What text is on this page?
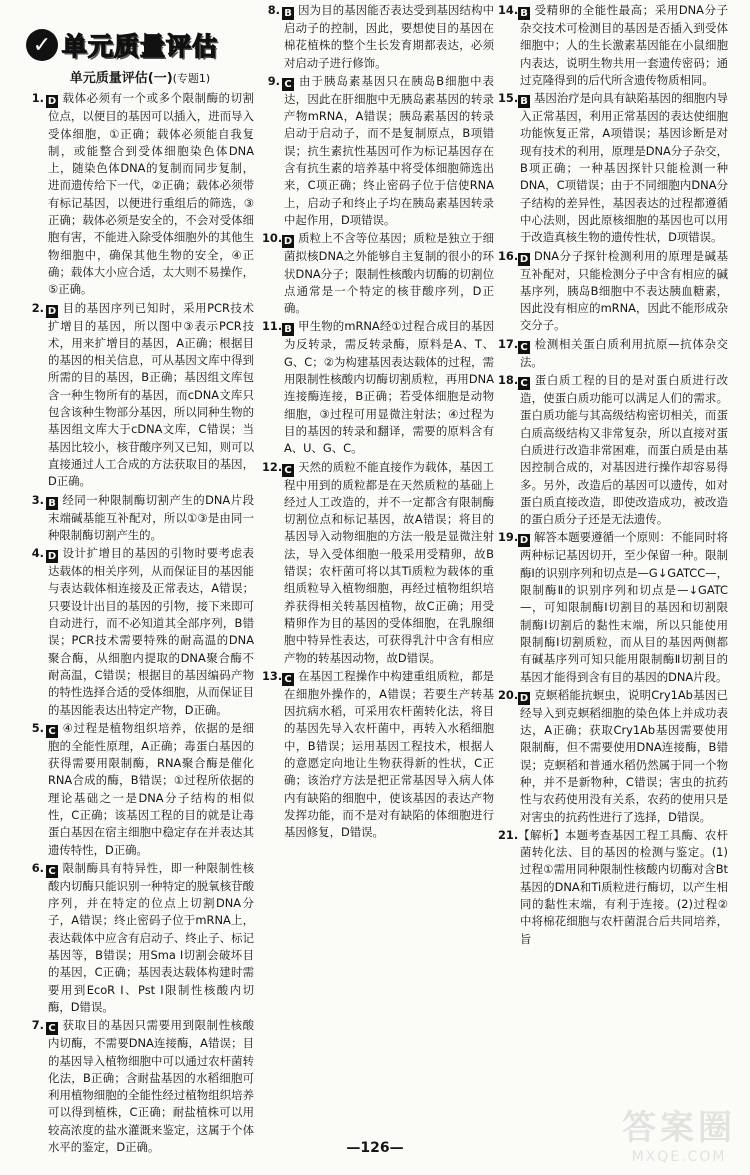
✓ 单元质量评估
单元质量评估(一)(专题1)
1. D 载体必须有一个或多个限制酶的切割位点，以便目的基因可以插入，进而导入受体细胞，①正确；载体必须能自我复制，或能整合到受体细胞染色体DNA上，随染色体DNA的复制而同步复制，进而遗传给下一代，②正确；载体必须带有标记基因，以便进行重组后的筛选，③正确；载体必须是安全的，不会对受体细胞有害，不能进入除受体细胞外的其他生物细胞中，确保其他生物的安全，④正确；载体大小应合适，太大则不易操作，⑤正确。
2. D 目的基因序列已知时，采用PCR技术扩增目的基因，所以图中③表示PCR技术，用来扩增目的基因，A正确；根据目的基因的相关信息，可从基因文库中得到所需的目的基因，B正确；基因组文库包含一种生物所有的基因，而cDNA文库只包含该种生物部分基因，所以同种生物的基因组文库大于cDNA文库，C错误；当基因比较小，核苷酸序列又已知，则可以直接通过人工合成的方法获取目的基因，D正确。
3. B 经同一种限制酶切割产生的DNA片段末端碱基能互补配对，所以①③是由同一种限制酶切割产生的。
4. D 设计扩增目的基因的引物时要考虑表达载体的相关序列，从而保证目的基因能与表达载体相连接及正常表达，A错误；只要设计出目的基因的引物，接下来即可自动进行，而不必知道其全部序列，B错误；PCR技术需要特殊的耐高温的DNA聚合酶，从细胞内提取的DNA聚合酶不耐高温，C错误；根据目的基因编码产物的特性选择合适的受体细胞，从而保证目的基因能表达出特定产物，D正确。
5. C ④过程是植物组织培养，依据的是细胞的全能性原理，A正确；毒蛋白基因的获得需要用限制酶，RNA聚合酶是催化RNA合成的酶，B错误；①过程所依据的理论基础之一是DNA分子结构的相似性，C正确；该基因工程的目的就是让毒蛋白基因在宿主细胞中稳定存在并表达其遗传特性，D正确。
6. C 限制酶具有特异性，即一种限制性核酸内切酶只能识别一种特定的脱氧核苷酸序列，并在特定的位点上切割DNA分子，A错误；终止密码子位于mRNA上，表达载体中应含有启动子、终止子、标记基因等，B错误；用Sma Ⅰ切割会破坏目的基因，C正确；基因表达载体构建时需要用到EcoR Ⅰ、Pst Ⅰ限制性核酸内切酶，D错误。
7. C 获取目的基因只需要用到限制性核酸内切酶，不需要DNA连接酶，A错误；目的基因导入植物细胞中可以通过农杆菌转化法，B正确；含耐盐基因的水稻细胞可利用植物细胞的全能性经过植物组织培养可以得到植株，C正确；耐盐植株可以用较高浓度的盐水灌溉来鉴定，这属于个体水平的鉴定，D正确。
8. B 因为目的基因能否表达受到基因结构中启动子的控制，因此，要想使目的基因在棉花植株的整个生长发育期都表达，必须对启动子进行修饰。
9. C 由于胰岛素基因只在胰岛B细胞中表达，因此在肝细胞中无胰岛素基因的转录产物mRNA，A错误；胰岛素基因的转录启动于启动子，而不是复制原点，B项错误；抗生素抗性基因可作为标记基因存在含有抗生素的培养基中将受体细胞筛选出来，C项正确；终止密码子位于信使RNA上，启动子和终止子均在胰岛素基因转录中起作用，D项错误。
10. D 质粒上不含等位基因；质粒是独立于细菌拟核DNA之外能够自主复制的很小的环状DNA分子；限制性核酸内切酶的切割位点通常是一个特定的核苷酸序列，D正确。
11. B 甲生物的mRNA经①过程合成目的基因为反转录，需反转录酶，原料是A、T、G、C；②为构建基因表达载体的过程，需用限制性核酸内切酶切割质粒，再用DNA连接酶连接，B正确；若受体细胞是动物细胞，③过程可用显微注射法；④过程为目的基因的转录和翻译，需要的原料含有A、U、G、C。
12. C 天然的质粒不能直接作为载体，基因工程中用到的质粒都是在天然质粒的基础上经过人工改造的，并不一定都含有限制酶切割位点和标记基因，故A错误；将目的基因导入动物细胞的方法一般是显微注射法，导入受体细胞一般采用受精卵，故B错误；农杆菌可将以其Ti质粒为载体的重组质粒导入植物细胞，再经过植物组织培养获得相关转基因植物，故C正确；用受精卵作为目的基因的受体细胞，在乳腺细胞中特异性表达，可获得乳汁中含有相应产物的转基因动物，故D错误。
13. C 在基因工程操作中构建重组质粒，都是在细胞外操作的，A错误；若要生产转基因抗病水稻，可采用农杆菌转化法，将目的基因先导入农杆菌中，再转入水稻细胞中，B错误；运用基因工程技术，根据人的意愿定向地让生物获得新的性状，C正确；该治疗方法是把正常基因导入病人体内有缺陷的细胞中，使该基因的表达产物发挥功能，而不是对有缺陷的体细胞进行基因修复，D错误。
14. B 受精卵的全能性最高；采用DNA分子杂交技术可检测目的基因是否插入到受体细胞中；人的生长激素基因能在小鼠细胞内表达，说明生物共用一套遗传密码；通过克隆得到的后代所含遗传物质相同。
15. B 基因治疗是向具有缺陷基因的细胞内导入正常基因，利用正常基因的表达使细胞功能恢复正常，A项错误；基因诊断是对现有技术的利用，原理是DNA分子杂交，B项正确；一种基因探针只能检测一种DNA，C项错误；由于不同细胞内DNA分子结构的差异性，基因表达的过程都遵循中心法则，因此原核细胞的基因也可以用于改造真核生物的遗传性状，D项错误。
16. D DNA分子探针检测利用的原理是碱基互补配对，只能检测分子中含有相应的碱基序列，胰岛B细胞中不表达胰血糖素，因此没有相应的mRNA，因此不能形成杂交分子。
17. C 检测相关蛋白质利用抗原—抗体杂交法。
18. C 蛋白质工程的目的是对蛋白质进行改造，使蛋白质功能可以满足人们的需求。蛋白质功能与其高级结构密切相关，而蛋白质高级结构又非常复杂，所以直接对蛋白质进行改造非常困难，而蛋白质是由基因控制合成的，对基因进行操作却容易得多。另外，改造后的基因可以遗传，如对蛋白质直接改造，即使改造成功，被改造的蛋白质分子还是无法遗传。
19. D 解答本题要遵循一个原则：不能同时将两种标记基因切开，至少保留一种。限制酶Ⅰ的识别序列和切点是—G↓GATCC—，限制酶Ⅱ的识别序列和切点是—↓GATC—，可知限制酶Ⅰ切割目的基因和切割限制酶Ⅰ切割后的黏性末端，所以只能使用限制酶Ⅰ切割质粒，而从目的基因两侧都有碱基序列可知只能用限制酶Ⅱ切割目的基因才能得到含有目的基因的DNA片段。
20. D 克螟稻能抗螟虫，说明Cry1Ab基因已经导入到克螟稻细胞的染色体上并成功表达，A正确；获取Cry1Ab基因需要使用限制酶，但不需要使用DNA连接酶，B错误；克螟稻和普通水稻仍然属于同一个物种，并不是新物种，C错误；害虫的抗药性与农药使用没有关系，农药的使用只是对害虫的抗药性进行了选择，D错误。
21.【解析】本题考查基因工程工具酶、农杆菌转化法、目的基因的检测与鉴定。(1)过程①需用同种限制性核酸内切酶对含Bt基因的DNA和Ti质粒进行酶切，以产生相同的黏性末端，有利于连接。(2)过程②中将棉花细胞与农杆菌混合后共同培养，旨
—126—	答案圈
MXQE.COM
